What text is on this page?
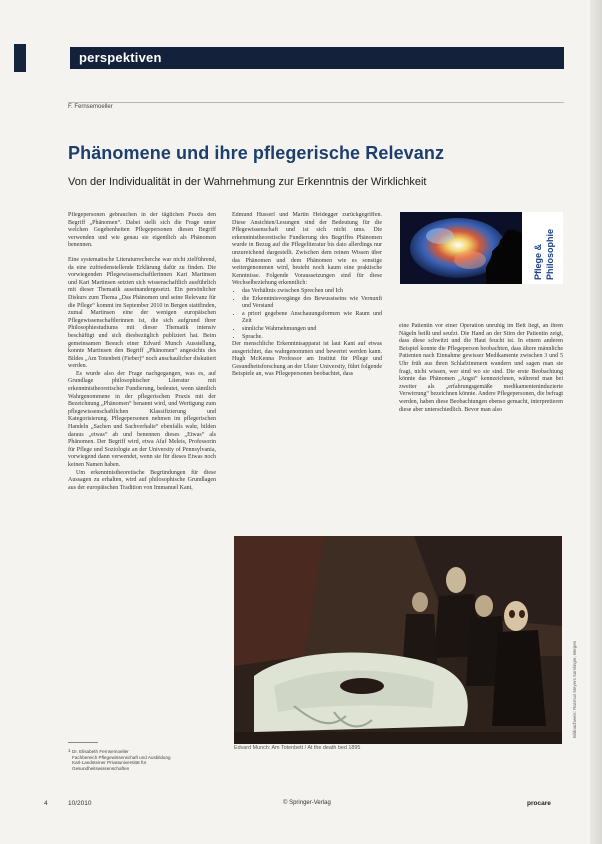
perspektiven
F. Fernsemoeller
Phänomene und ihre pflegerische Relevanz
Von der Individualität in der Wahrnehmung zur Erkenntnis der Wirklichkeit

Pflegepersonen gebrauchen in der täglichen Praxis den Begriff „Phänomen“. Dabei stellt sich die Frage unter welchen Gegebenheiten Pflegepersonen diesen Begriff verwenden und wie genau sie eigentlich als Phänomen benennen.

Eine systematische Literaturrecherche war nicht zielführend, da eine zufriedenstellende Erklärung dafür zu finden. Die vorwiegenden Pflegewissenschaftlerinnen Kari Martinsen und Kari Martinsen setzten sich wissenschaftlich ausführlich mit dieser Thematik auseinandergesetzt. Ein persönlicher Diskurs zum Thema „Das Phänomen und seine Relevanz für die Pflege“ kommt im September 2010 in Bergen stattfinden, zumal Martinsen eine der wenigen europäischen Pflegewissenschaftlerinnen ist, die sich aufgrund ihrer Philosophiestudiums mit dieser Thematik intensiv beschäftigt und sich diesbezüglich publiziert hat. Beim gemeinsamen Besuch einer Edvard Munch Ausstellung, konnte Martinsen den Begriff „Phänomen“ angesichts des Bildes „Am Totenbett (Fieber)“ noch anschaulicher diskutiert werden.

Es wurde also der Frage nachgegangen, was es, auf Grundlage philosophischer Literatur mit erkenntnistheoretischer Fundierung, bedeutet, wenn sämtlich Wahrgenommene in der pflegerischen Praxis mit der Bezeichnung „Phänomen“ benannt wird, und Wertigung zum pflegewissenschaftlichen Klassifizierung und Kategorisierung. Pflegepersonen nehmen im pflegerischen Handeln „Sachen und Sachverhalte“ ebenfalls wahr, bilden daraus „etwas“ ab und benennen dieses „Etwas“ als Phänomen. Der Begriff wird, etwa Afaf Meleis, Professorin für Pflege und Soziologie an der University of Pennsylvania, vorwiegend dann verwendet, wenn sie für dieses Etwas noch keinen Namen haben.

Um erkenntnistheoretische Begründungen für diese Aussagen zu erhalten, wird auf philosophische Grundlagen aus der europäischen Tradition von Immanuel Kant,

Edmund Husserl und Martin Heidegger zurückgegriffen. Diese Ansichten/Lesungen sind der Bedeutung für die Pflegewissenschaft und ist sich nicht ums. Die erkenntnistheoretische Fundierung des Begriffes Phänomen wurde in Bezug auf die Pflegeliteratur bis dato allerdings nur unzureichend dargestellt. Zwischen dem reinen Wissen über das Phänomen und dem Phänomen wie es sonstige weitergenommen wird, besteht noch kaum eine praktische Kenntnisse. Folgende Voraussetzungen sind für diese Wechselbeziehung erkenntlich:

• das Verhältnis zwischen Sprechen und Ich
• die Erkenntnisvorgänge des Bewusstseins wie Vernunft und Verstand
• a priori gegebene Anschauungsformen wie Raum und Zeit
• sinnliche Wahrnehmungen und
• Sprache.

Der menschliche Erkenntnisapparat ist laut Kant auf etwas ausgerichtet, das wahrgenommen und bewertet werden kann. Hugh McKenna Professor am Institut für Pflege und Gesundheitsforschung an der Ulster University, führt folgende Beispiele an, was Pflegepersonen beobachtet, dass

Pflege & Philosophie

eine Patientin vor einer Operation unruhig im Bett liegt, an ihren Nägeln beißt und seufzt. Die Hand an der Stirn der Patientin zeigt, dass diese schwitzt und die Haut feucht ist. In einem anderen Beispiel konnte die Pflegeperson beobachten, dass ältere männliche Patienten nach Einnahme gewisser Medikamente zwischen 3 und 5 Uhr früh aus ihren Schlafzimmern wandern und sagen man sie fragt, nicht wissen, wer sind wo sie sind. Die erste Beobachtung könnte das Phänomen „Angst“ kennzeichnen, während man bei zweiter als „erfahrungsgemäße medikamenteninduzierte Verwirrung“ bezeichnen könnte. Andere Pflegepersonen, die befragt werden, haben diese Beobachtungen ebenso gemacht, interpretieren diese aber unterschiedlich. Bevor man also

Edvard Munch: Am Totenbett / At the death bed 1895
Bildnachweis: Rasmus Meyers Samlinger, Bergen
1 Dr. Elisabeth Fernsemoeller
Fachbereich Pflegewissenschaft und Ausbildung
Karl-Landsteiner Privatuniversität für
Gesundheitswissenschaften
4	10/2010	© Springer-Verlag	procare
